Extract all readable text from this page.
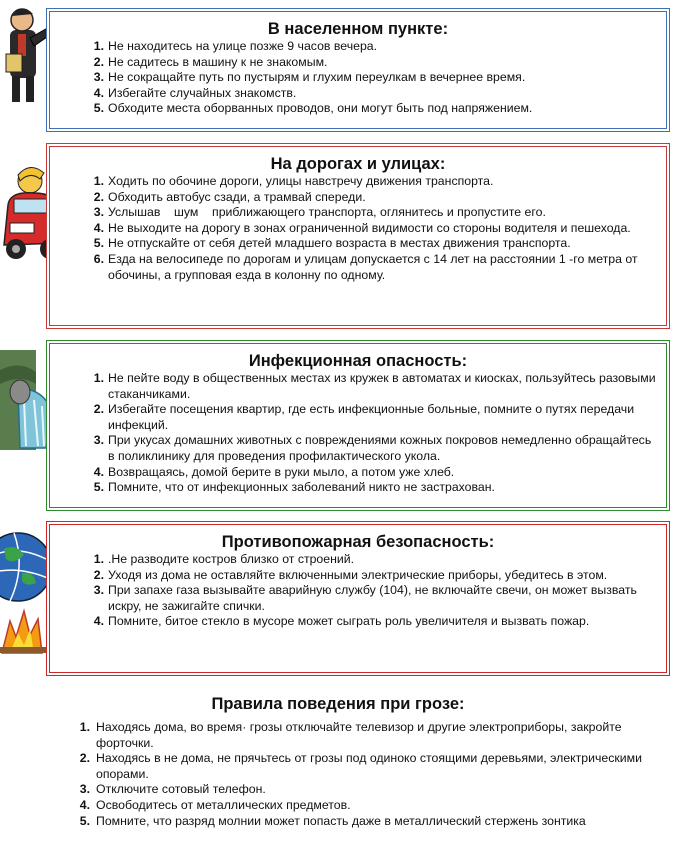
В населенном пункте:
1. Не находитесь на улице позже 9 часов вечера.
2. Не садитесь в машину к не знакомым.
3. Не сокращайте путь по пустырям и глухим переулкам в вечернее время.
4. Избегайте случайных знакомств.
5. Обходите места оборванных проводов, они могут быть под напряжением.
На дорогах и улицах:
1. Ходить по обочине дороги, улицы навстречу движения транспорта.
2. Обходить автобус сзади, а трамвай спереди.
3. Услышав    шум    приближающего транспорта, оглянитесь и пропустите его.
4. Не выходите на дорогу в зонах ограниченной видимости со стороны водителя и пешехода.
5. Не отпускайте от себя детей младшего возраста в местах движения транспорта.
6. Езда на велосипеде по дорогам и улицам допускается с 14 лет на расстоянии 1 -го метра от обочины, а групповая езда в колонну по одному.
Инфекционная опасность:
1. Не пейте воду в общественных местах из кружек в автоматах и киосках, пользуйтесь разовыми стаканчиками.
2. Избегайте посещения квартир, где есть инфекционные больные, помните о путях передачи инфекций.
3. При укусах домашних животных с повреждениями кожных покровов немедленно обращайтесь в поликлинику для проведения профилактического укола.
4. Возвращаясь, домой берите в руки мыло, а потом уже хлеб.
5. Помните, что от инфекционных заболеваний никто не застрахован.
Противопожарная безопасность:
1. .Не разводите костров близко от строений.
2. Уходя из дома не оставляйте включенными электрические приборы, убедитесь в этом.
3. При запахе газа вызывайте аварийную службу (104), не включайте свечи, он может вызвать искру, не зажигайте спички.
4. Помните, битое стекло в мусоре может сыграть роль увеличителя и вызвать пожар.
Правила поведения при грозе:
1. Находясь дома, во время· грозы отключайте телевизор и другие электроприборы, закройте форточки.
2. Находясь в не дома, не прячьтесь от грозы под одиноко стоящими деревьями, электрическими опорами.
3. Отключите сотовый телефон.
4. Освободитесь от металлических предметов.
5. Помните, что разряд молнии может попасть даже в металлический стержень зонтика
